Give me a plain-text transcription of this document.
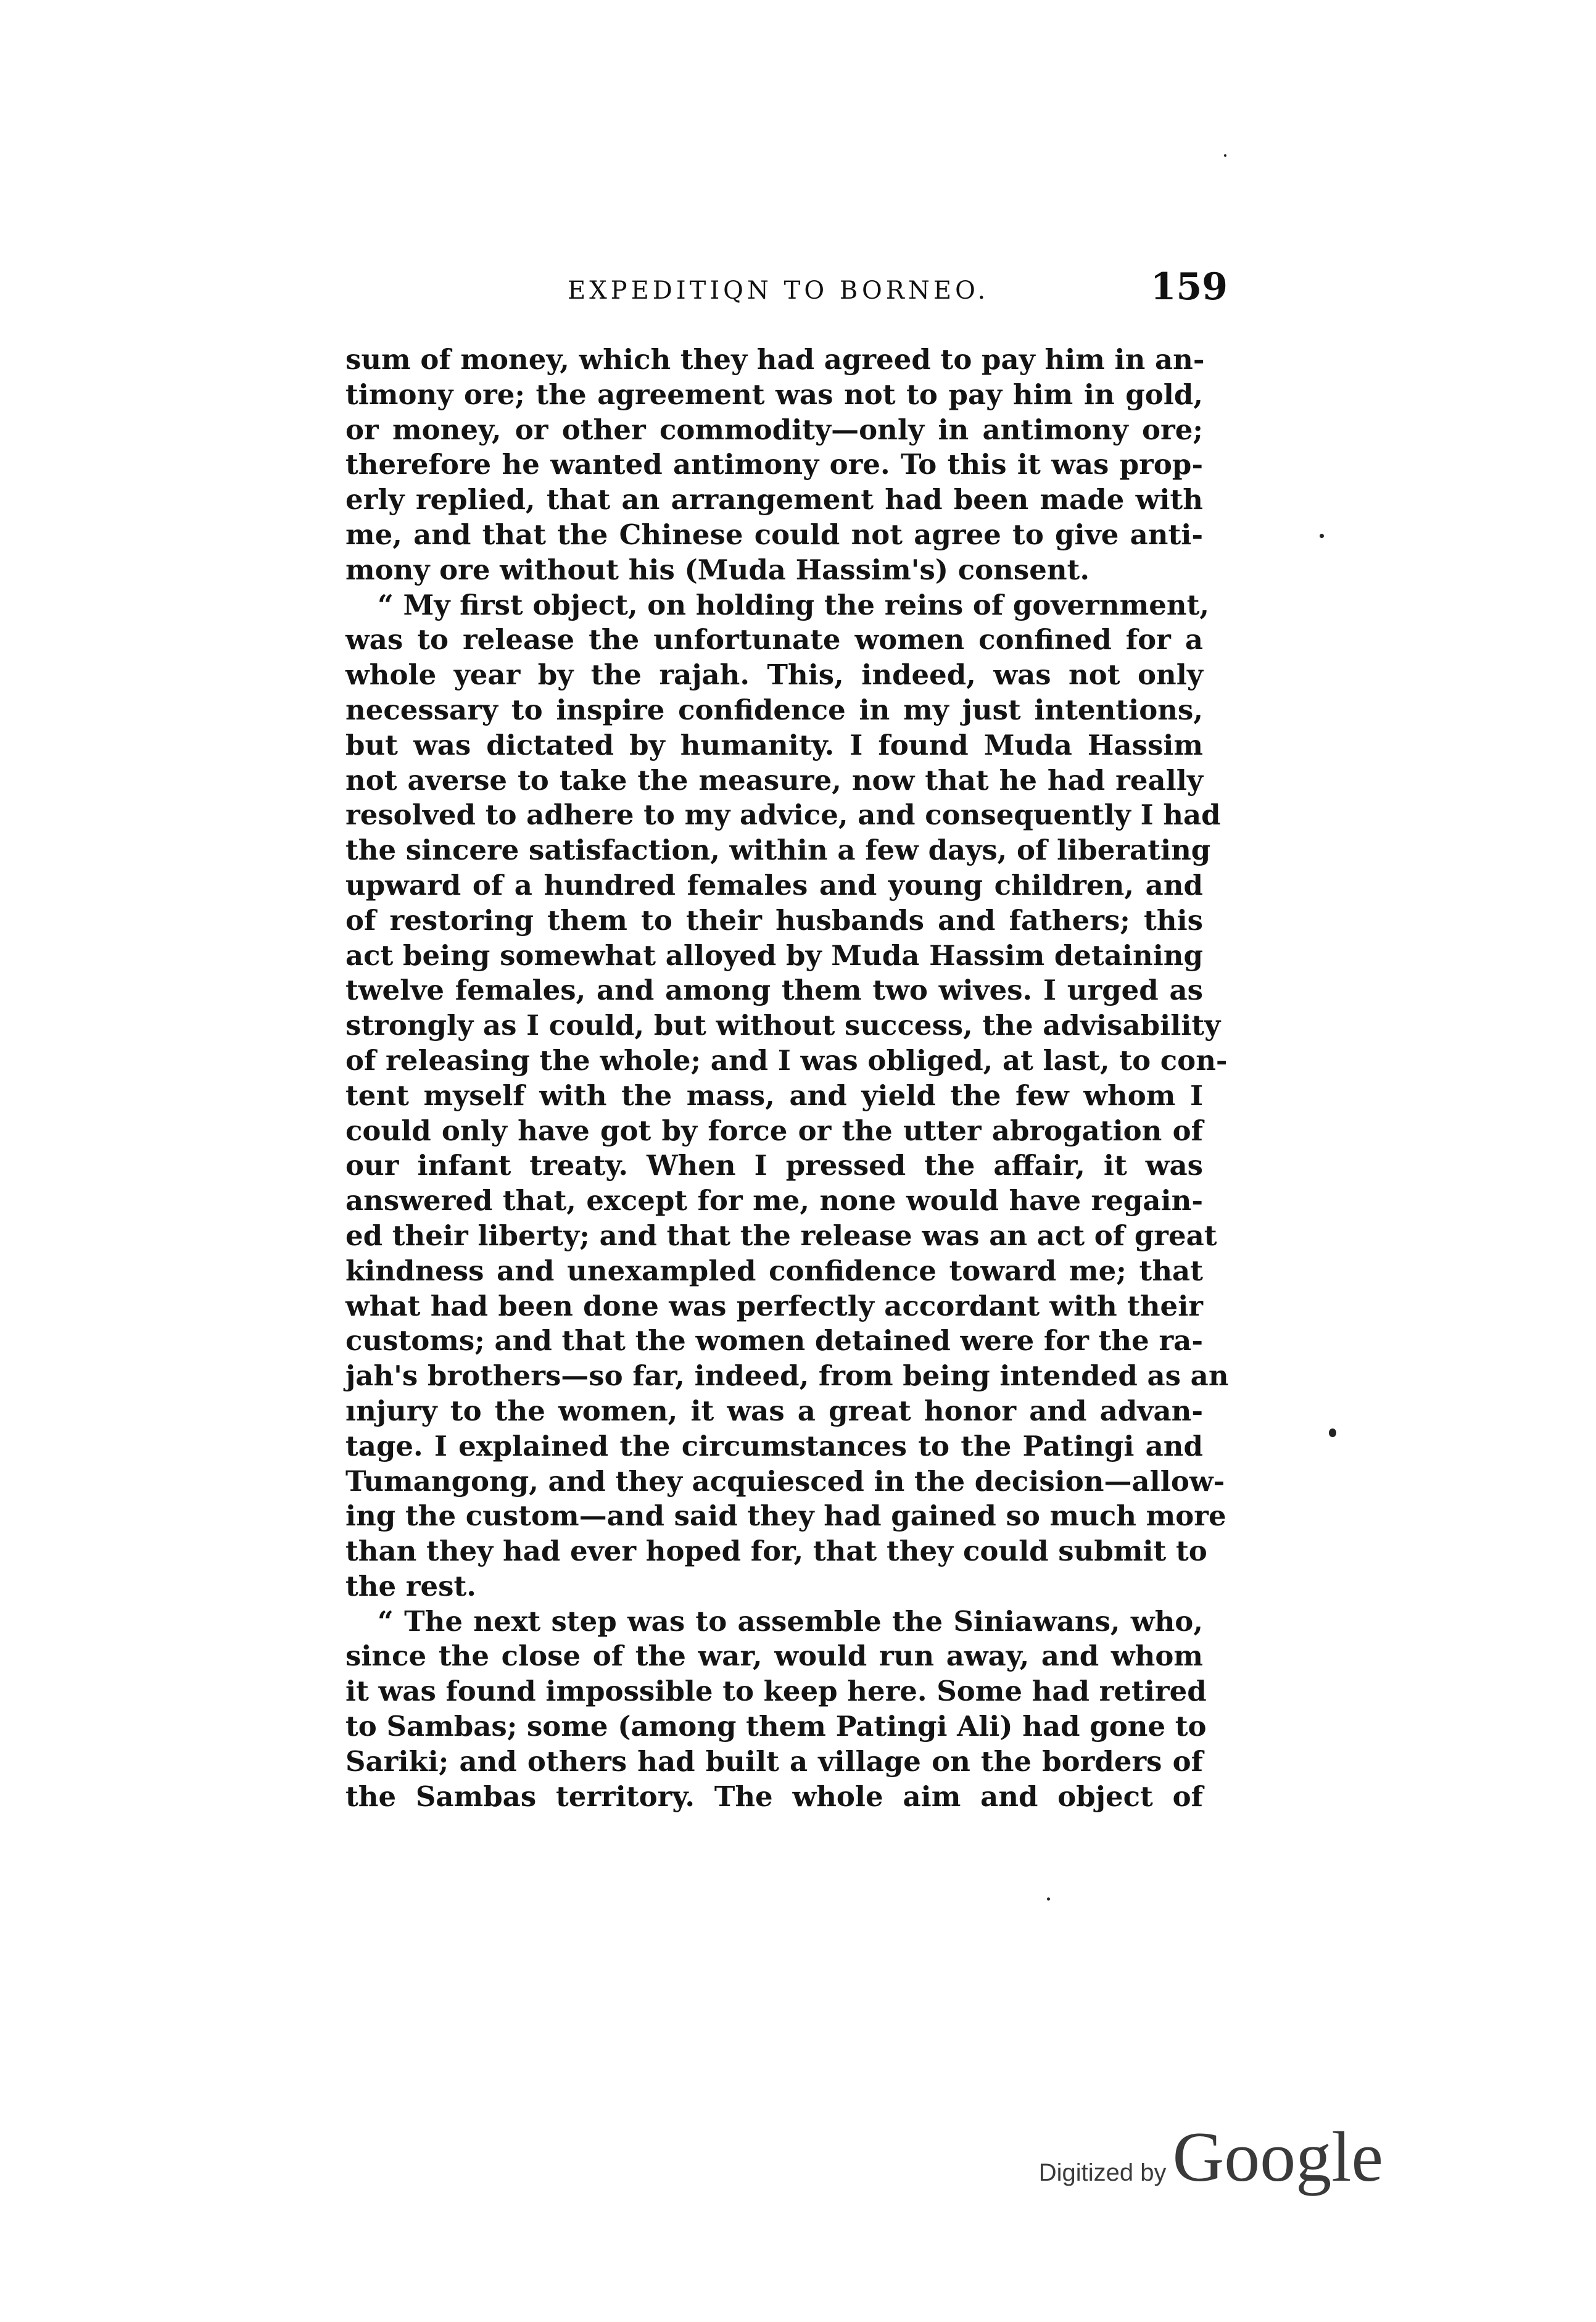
EXPEDITIQN TO BORNEO.	159
sum of money, which they had agreed to pay him in an-
timony ore; the agreement was not to pay him in gold,
or money, or other commodity—only in antimony ore;
therefore he wanted antimony ore. To this it was prop-
erly replied, that an arrangement had been made with
me, and that the Chinese could not agree to give anti-
mony ore without his (Muda Hassim's) consent.
“ My first object, on holding the reins of government,
was to release the unfortunate women confined for a
whole year by the rajah. This, indeed, was not only
necessary to inspire confidence in my just intentions,
but was dictated by humanity. I found Muda Hassim
not averse to take the measure, now that he had really
resolved to adhere to my advice, and consequently I had
the sincere satisfaction, within a few days, of liberating
upward of a hundred females and young children, and
of restoring them to their husbands and fathers; this
act being somewhat alloyed by Muda Hassim detaining
twelve females, and among them two wives. I urged as
strongly as I could, but without success, the advisability
of releasing the whole; and I was obliged, at last, to con-
tent myself with the mass, and yield the few whom I
could only have got by force or the utter abrogation of
our infant treaty. When I pressed the affair, it was
answered that, except for me, none would have regain-
ed their liberty; and that the release was an act of great
kindness and unexampled confidence toward me; that
what had been done was perfectly accordant with their
customs; and that the women detained were for the ra-
jah's brothers—so far, indeed, from being intended as an
ınjury to the women, it was a great honor and advan-
tage. I explained the circumstances to the Patingi and
Tumangong, and they acquiesced in the decision—allow-
ing the custom—and said they had gained so much more
than they had ever hoped for, that they could submit to
the rest.
“ The next step was to assemble the Siniawans, who,
since the close of the war, would run away, and whom
it was found impossible to keep here. Some had retired
to Sambas; some (among them Patingi Ali) had gone to
Sariki; and others had built a village on the borders of
the Sambas territory. The whole aim and object of
Digitized by Google
